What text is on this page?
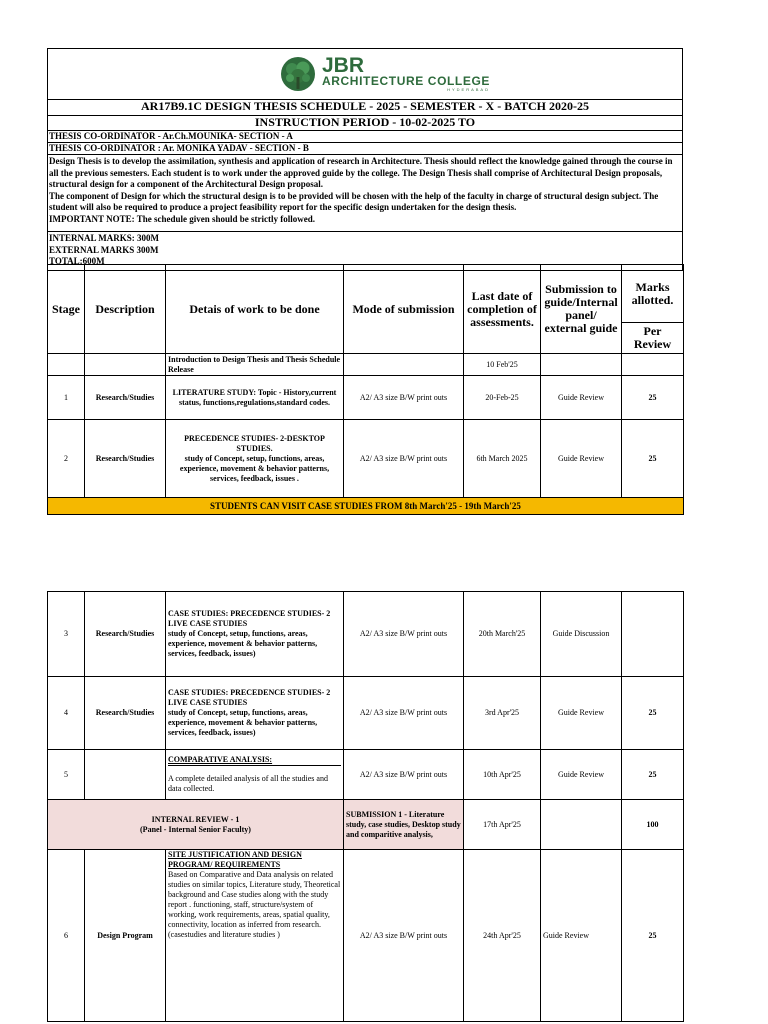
JBR
ARCHITECTURE COLLEGE
HYDERABAD
AR17B9.1C DESIGN THESIS SCHEDULE - 2025 - SEMESTER - X - BATCH 2020-25
INSTRUCTION PERIOD - 10-02-2025 TO
THESIS CO-ORDINATOR - Ar.Ch.MOUNIKA- SECTION - A
THESIS CO-ORDINATOR : Ar. MONIKA YADAV - SECTION - B
Design Thesis is to develop the assimilation, synthesis and application of research in Architecture. Thesis should reflect the knowledge gained through the course in all the previous semesters. Each student is to work under the approved guide by the college. The Design Thesis shall comprise of Architectural Design proposals, structural design for a component of the Architectural Design proposal.
The component of Design for which the structural design is to be provided will be chosen with the help of the faculty in charge of structural design subject. The student will also be required to produce a project feasibility report for the specific design undertaken for the design thesis.
IMPORTANT NOTE: The schedule given should be strictly followed.
INTERNAL MARKS: 300M
EXTERNAL MARKS 300M
TOTAL:600M
Stage	Description	Detais of work to be done	Mode of submission	Last date of completion of assessments.	Submission to guide/Internal panel/ external guide	Marks allotted.
						Per Review
		Introduction to Design Thesis and Thesis Schedule Release		10 Feb'25		
1	Research/Studies	LITERATURE STUDY: Topic - History,current status, functions,regulations,standard codes.	A2/ A3 size B/W print outs	20-Feb-25	Guide Review	25
2	Research/Studies	PRECEDENCE STUDIES- 2-DESKTOP STUDIES.
study of Concept, setup, functions, areas, experience, movement & behavior patterns, services, feedback, issues .	A2/ A3 size B/W print outs	6th March 2025	Guide Review	25
STUDENTS CAN VISIT CASE STUDIES FROM 8th March'25 - 19th March'25						
3	Research/Studies	CASE STUDIES: PRECEDENCE STUDIES- 2 LIVE CASE STUDIES
study of Concept, setup, functions, areas, experience, movement & behavior patterns, services, feedback, issues)	A2/ A3 size B/W print outs	20th March'25	Guide Discussion	
4	Research/Studies	CASE STUDIES: PRECEDENCE STUDIES- 2 LIVE CASE STUDIES
study of Concept, setup, functions, areas, experience, movement & behavior patterns, services, feedback, issues)	A2/ A3 size B/W print outs	3rd Apr'25	Guide Review	25
5		COMPARATIVE ANALYSIS:
A complete detailed analysis of all the studies and data collected.	A2/ A3 size B/W print outs	10th Apr'25	Guide Review	25

INTERNAL REVIEW - 1
(Panel - Internal Senior Faculty)			SUBMISSION 1 - Literature study, case studies, Desktop study and comparitive analysis,	17th Apr'25		100
6	Design Program	SITE JUSTIFICATION AND DESIGN PROGRAM/ REQUIREMENTS
Based on Comparative and Data analysis on related studies on similar topics, Literature study, Theoretical background and Case studies along with the study report . functioning, staff, structure/system of working, work requirements, areas, spatial quality, connectivity, location as inferred from research. (casestudies and literature studies )	A2/ A3 size B/W print outs	24th Apr'25	Guide Review	25
